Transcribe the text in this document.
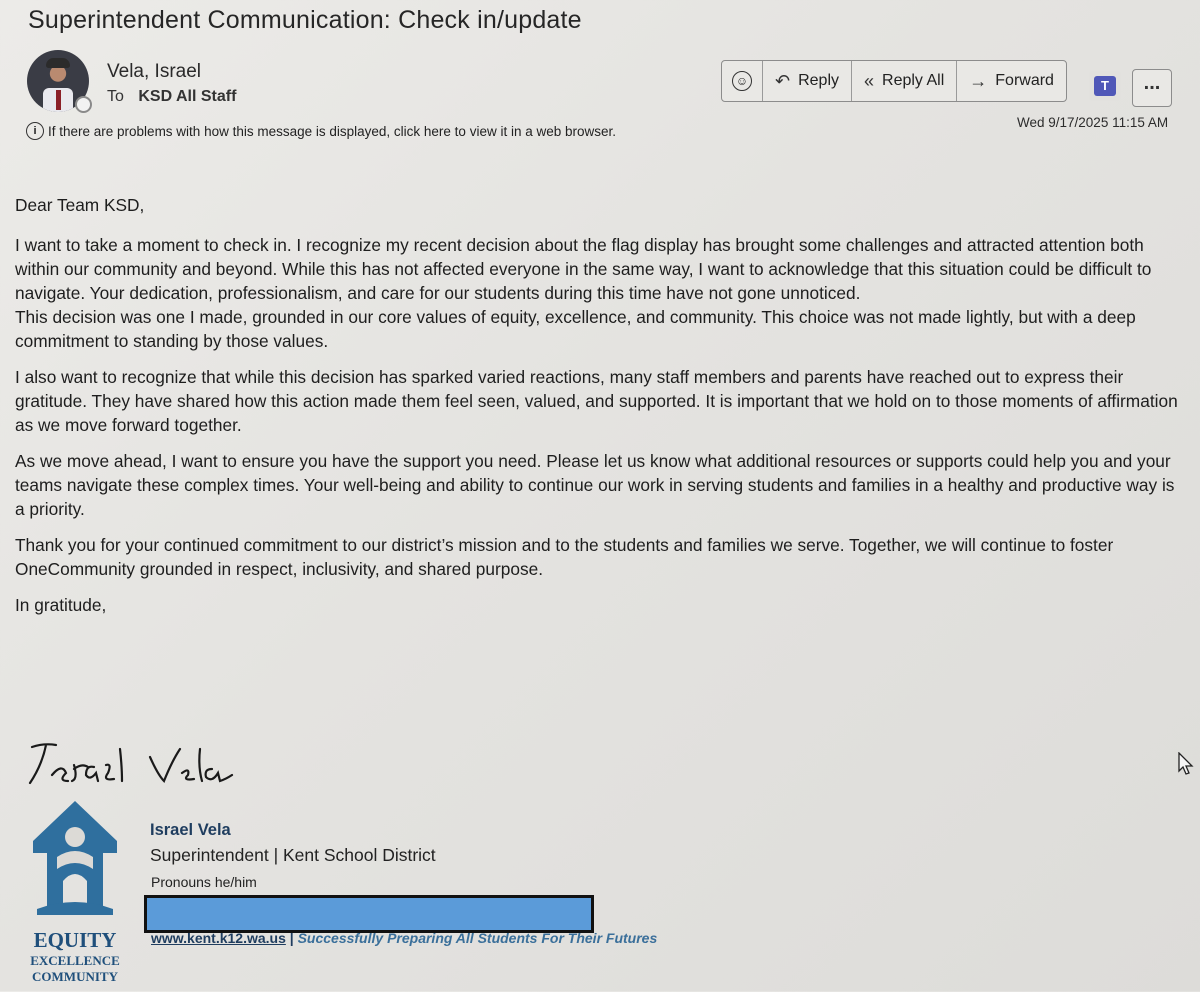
Superintendent Communication: Check in/update
Vela, Israel
To KSD All Staff
i If there are problems with how this message is displayed, click here to view it in a web browser.
☺ ↶ Reply « Reply All → Forward	T	...
Wed 9/17/2025 11:15 AM

Dear Team KSD,

I want to take a moment to check in. I recognize my recent decision about the flag display has brought some challenges and attracted attention both within our community and beyond. While this has not affected everyone in the same way, I want to acknowledge that this situation could be difficult to navigate. Your dedication, professionalism, and care for our students during this time have not gone unnoticed.

This decision was one I made, grounded in our core values of equity, excellence, and community. This choice was not made lightly, but with a deep commitment to standing by those values.

I also want to recognize that while this decision has sparked varied reactions, many staff members and parents have reached out to express their gratitude. They have shared how this action made them feel seen, valued, and supported. It is important that we hold on to those moments of affirmation as we move forward together.

As we move ahead, I want to ensure you have the support you need. Please let us know what additional resources or supports could help you and your teams navigate these complex times. Your well-being and ability to continue our work in serving students and families in a healthy and productive way is a priority.

Thank you for your continued commitment to our district’s mission and to the students and families we serve. Together, we will continue to foster OneCommunity grounded in respect, inclusivity, and shared purpose.

In gratitude,

EQUITY
EXCELLENCE
COMMUNITY
Israel Vela
Superintendent | Kent School District
Pronouns he/him
www.kent.k12.wa.us | Successfully Preparing All Students For Their Futures
